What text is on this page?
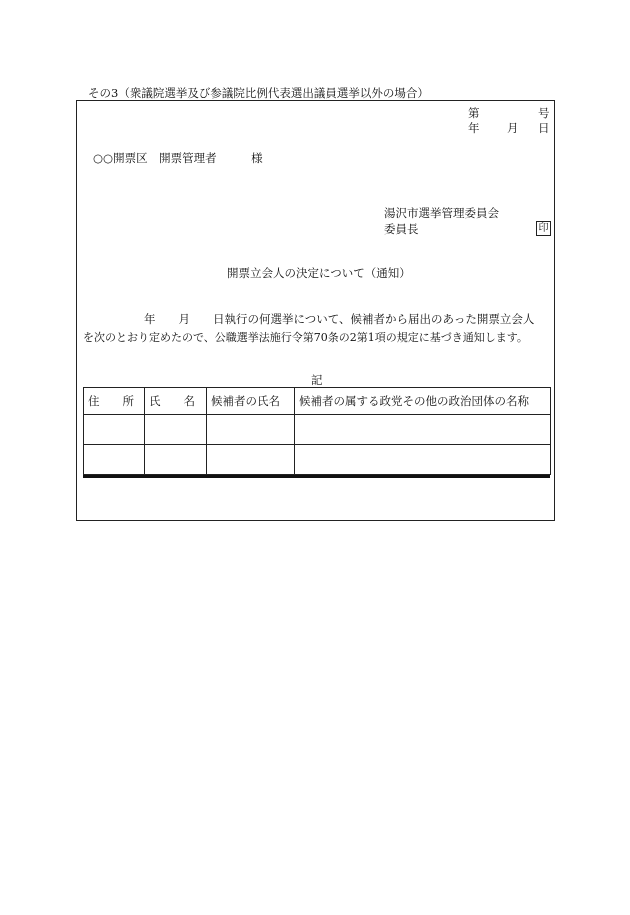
その3（衆議院選挙及び参議院比例代表選出議員選挙以外の場合）
第	号
年 月 日
○○開票区　開票管理者　　　様
湯沢市選挙管理委員会
委員長	印
開票立会人の決定について（通知）
年　　月　　日執行の何選挙について、候補者から届出のあった開票立会人
を次のとおり定めたので、公職選挙法施行令第70条の2第1項の規定に基づき通知します。
記
住　　所	氏　　名	候補者の氏名	候補者の属する政党その他の政治団体の名称
